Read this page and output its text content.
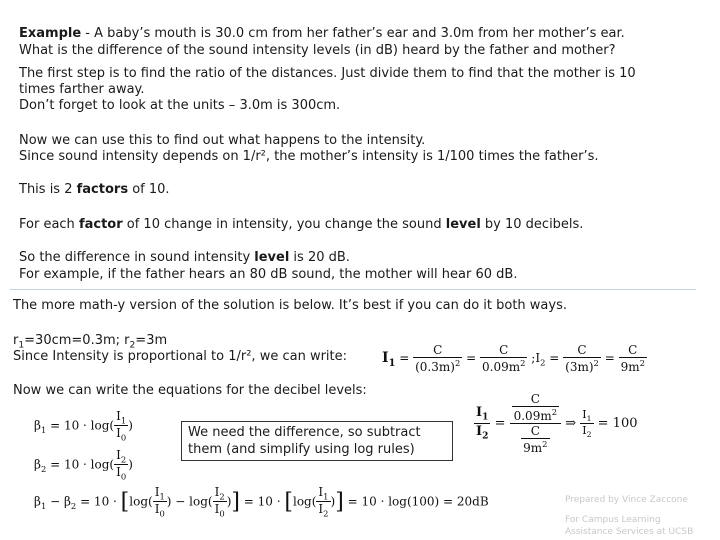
Example - A baby’s mouth is 30.0 cm from her father’s ear and 3.0m from her mother’s ear.

What is the difference of the sound intensity levels (in dB) heard by the father and mother?

The first step is to find the ratio of the distances. Just divide them to find that the mother is 10

times farther away.

Don’t forget to look at the units – 3.0m is 300cm.

Now we can use this to find out what happens to the intensity.

Since sound intensity depends on 1/r², the mother’s intensity is 1/100 times the father’s.

This is 2 factors of 10.

For each factor of 10 change in intensity, you change the sound level by 10 decibels.

So the difference in sound intensity level is 20 dB.

For example, if the father hears an 80 dB sound, the mother will hear 60 dB.

The more math-y version of the solution is below. It’s best if you can do it both ways.

$r_1=30cm=0.3m$; $r_2=3m$

Since Intensity is proportional to 1/r², we can write: $I_1 = \frac{C}{(0.3m)^2} = \frac{C}{0.09m^2}$ $;I_2 = \frac{C}{(3m)^2} = \frac{C}{9m^2}$

Now we can write the equations for the decibel levels:

$\beta_1 = 10 \cdot \log( \frac{I_1}{I_0}$ )
$\beta_2 = 10 \cdot \log( \frac{I_2}{I_0}$ )
We need the difference, so subtract
them (and simplify using log rules)
$\frac{I_1}{I_2} = \frac{\frac{C}{0.09m^2}}{\frac{C}{9m^2}}$ ⇒ $\frac{I_1}{I_2} = 100$
$\beta_1 - \beta_2 = 10 \cdot [\log( \frac{I_1}{I_0}$ ) − $\log( \frac{I_2}{I_0}$ )] = $10 \cdot [\log( \frac{I_1}{I_2}$ )] = 10 · log(100) = 20dB	Prepared by Vince Zaccone
For Campus Learning
Assistance Services at UCSB
